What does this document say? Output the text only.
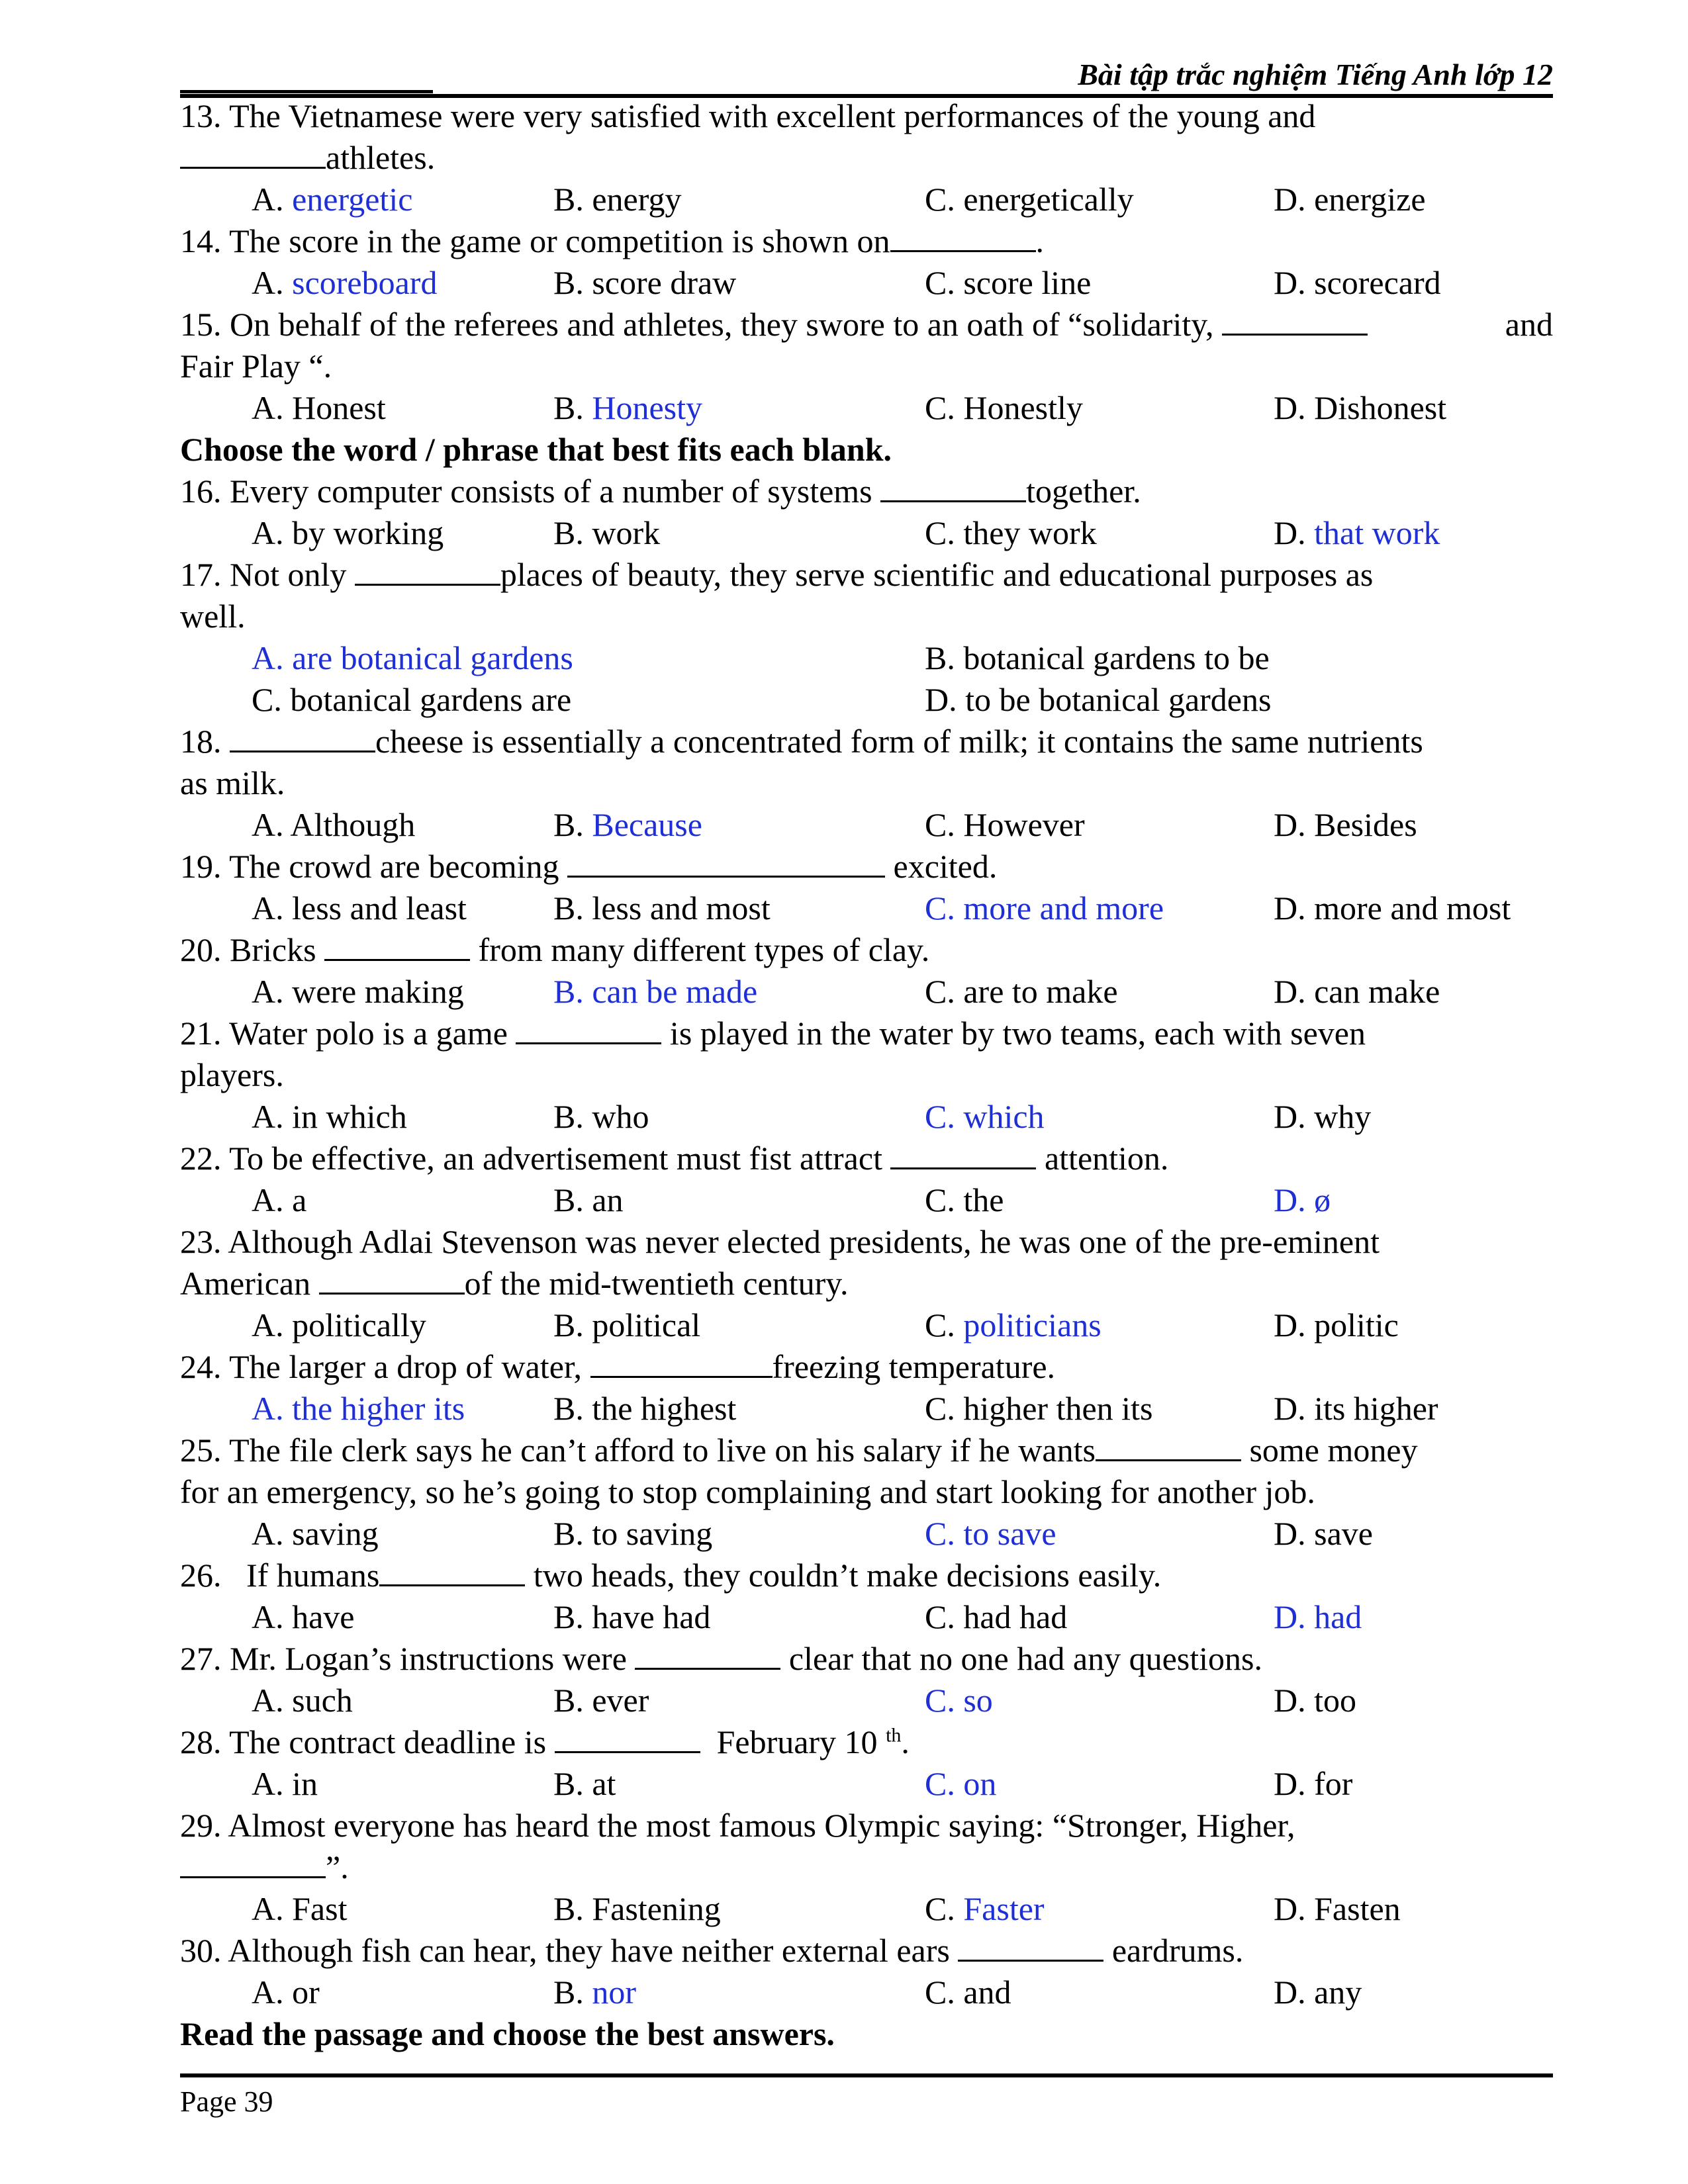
Bài tập trắc nghiệm Tiếng Anh lớp 12
13. The Vietnamese were very satisfied with excellent performances of the young and
athletes.
A. energetic	B. energy	C. energetically	D. energize
14. The score in the game or competition is shown on	.
A. scoreboard	B. score draw	C. score line	D. scorecard
15. On behalf of the referees and athletes, they swore to an oath of “solidarity,	and
Fair Play “.
A. Honest	B. Honesty	C. Honestly	D. Dishonest
Choose the word / phrase that best fits each blank.
16. Every computer consists of a number of systems	together.
A. by working	B. work	C. they work	D. that work
17. Not only	places of beauty, they serve scientific and educational purposes as
well.
A. are botanical gardens	B. botanical gardens to be
C. botanical gardens are	D. to be botanical gardens
18.	cheese is essentially a concentrated form of milk; it contains the same nutrients
as milk.
A. Although	B. Because	C. However	D. Besides
19. The crowd are becoming	excited.
A. less and least	B. less and most	C. more and more	D. more and most
20. Bricks	from many different types of clay.
A. were making	B. can be made	C. are to make	D. can make
21. Water polo is a game	is played in the water by two teams, each with seven
players.
A. in which	B. who	C. which	D. why
22. To be effective, an advertisement must fist attract	attention.
A. a	B. an	C. the	D. ø
23. Although Adlai Stevenson was never elected presidents, he was one of the pre-eminent
American	of the mid-twentieth century.
A. politically	B. political	C. politicians	D. politic
24. The larger a drop of water,	freezing temperature.
A. the higher its	B. the highest	C. higher then its	D. its higher
25. The file clerk says he can’t afford to live on his salary if he wants	some money
for an emergency, so he’s going to stop complaining and start looking for another job.
A. saving	B. to saving	C. to save	D. save
26.   If humans	two heads, they couldn’t make decisions easily.
A. have	B. have had	C. had had	D. had
27. Mr. Logan’s instructions were	clear that no one had any questions.
A. such	B. ever	C. so	D. too
28. The contract deadline is	February 10 $^{th}$.
A. in	B. at	C. on	D. for
29. Almost everyone has heard the most famous Olympic saying: “Stronger, Higher,
”.
A. Fast	B. Fastening	C. Faster	D. Fasten
30. Although fish can hear, they have neither external ears	eardrums.
A. or	B. nor	C. and	D. any
Read the passage and choose the best answers.
Page 39
